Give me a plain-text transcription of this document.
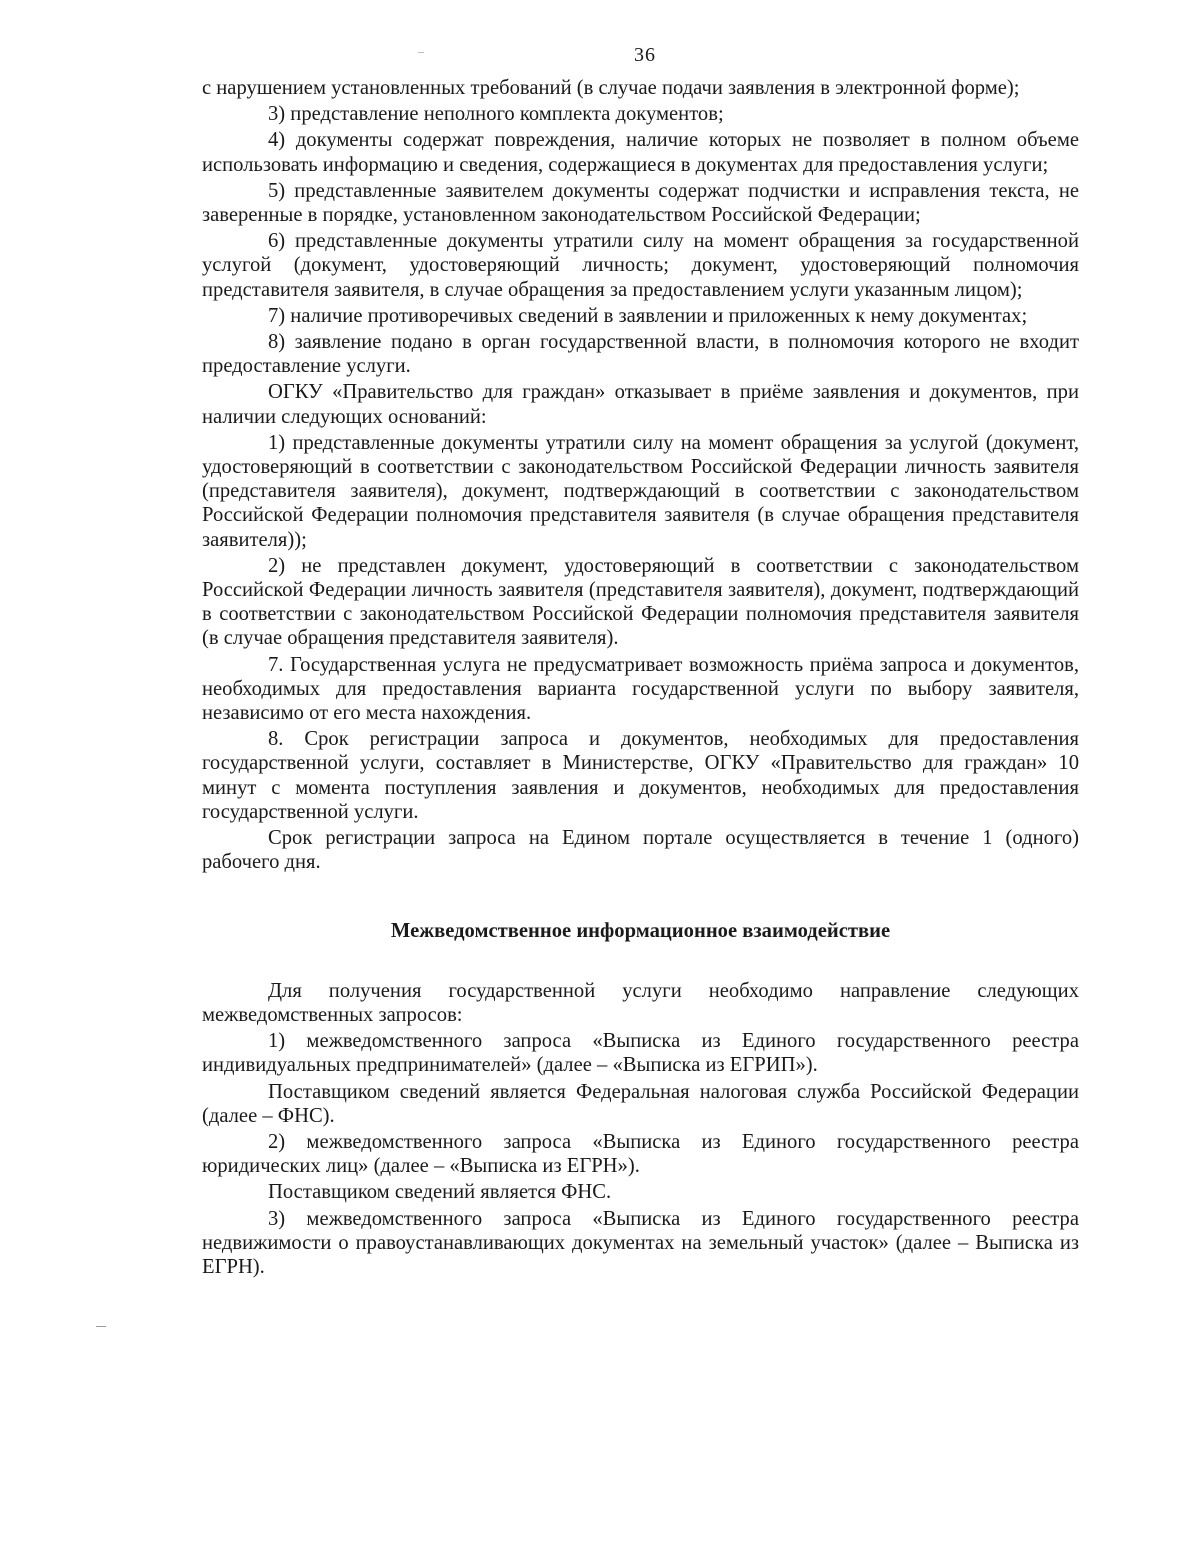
36

с нарушением установленных требований (в случае подачи заявления в электронной форме);

3) представление неполного комплекта документов;

4) документы содержат повреждения, наличие которых не позволяет в полном объеме использовать информацию и сведения, содержащиеся в документах для предоставления услуги;

5) представленные заявителем документы содержат подчистки и исправления текста, не заверенные в порядке, установленном законодательством Российской Федерации;

6) представленные документы утратили силу на момент обращения за государственной услугой (документ, удостоверяющий личность; документ, удостоверяющий полномочия представителя заявителя, в случае обращения за предоставлением услуги указанным лицом);

7) наличие противоречивых сведений в заявлении и приложенных к нему документах;

8) заявление подано в орган государственной власти, в полномочия которого не входит предоставление услуги.

ОГКУ «Правительство для граждан» отказывает в приёме заявления и документов, при наличии следующих оснований:

1) представленные документы утратили силу на момент обращения за услугой (документ, удостоверяющий в соответствии с законодательством Российской Федерации личность заявителя (представителя заявителя), документ, подтверждающий в соответствии с законодательством Российской Федерации полномочия представителя заявителя (в случае обращения представителя заявителя));

2) не представлен документ, удостоверяющий в соответствии с законодательством Российской Федерации личность заявителя (представителя заявителя), документ, подтверждающий в соответствии с законодательством Российской Федерации полномочия представителя заявителя (в случае обращения представителя заявителя).

7. Государственная услуга не предусматривает возможность приёма запроса и документов, необходимых для предоставления варианта государственной услуги по выбору заявителя, независимо от его места нахождения.

8. Срок регистрации запроса и документов, необходимых для предоставления государственной услуги, составляет в Министерстве, ОГКУ «Правительство для граждан» 10 минут с момента поступления заявления и документов, необходимых для предоставления государственной услуги.

Срок регистрации запроса на Едином портале осуществляется в течение 1 (одного) рабочего дня.

Межведомственное информационное взаимодействие

Для получения государственной услуги необходимо направление следующих межведомственных запросов:

1) межведомственного запроса «Выписка из Единого государственного реестра индивидуальных предпринимателей» (далее – «Выписка из ЕГРИП»).

Поставщиком сведений является Федеральная налоговая служба Российской Федерации (далее – ФНС).

2) межведомственного запроса «Выписка из Единого государственного реестра юридических лиц» (далее – «Выписка из ЕГРН»).

Поставщиком сведений является ФНС.

3) межведомственного запроса «Выписка из Единого государственного реестра недвижимости о правоустанавливающих документах на земельный участок» (далее – Выписка из ЕГРН).
